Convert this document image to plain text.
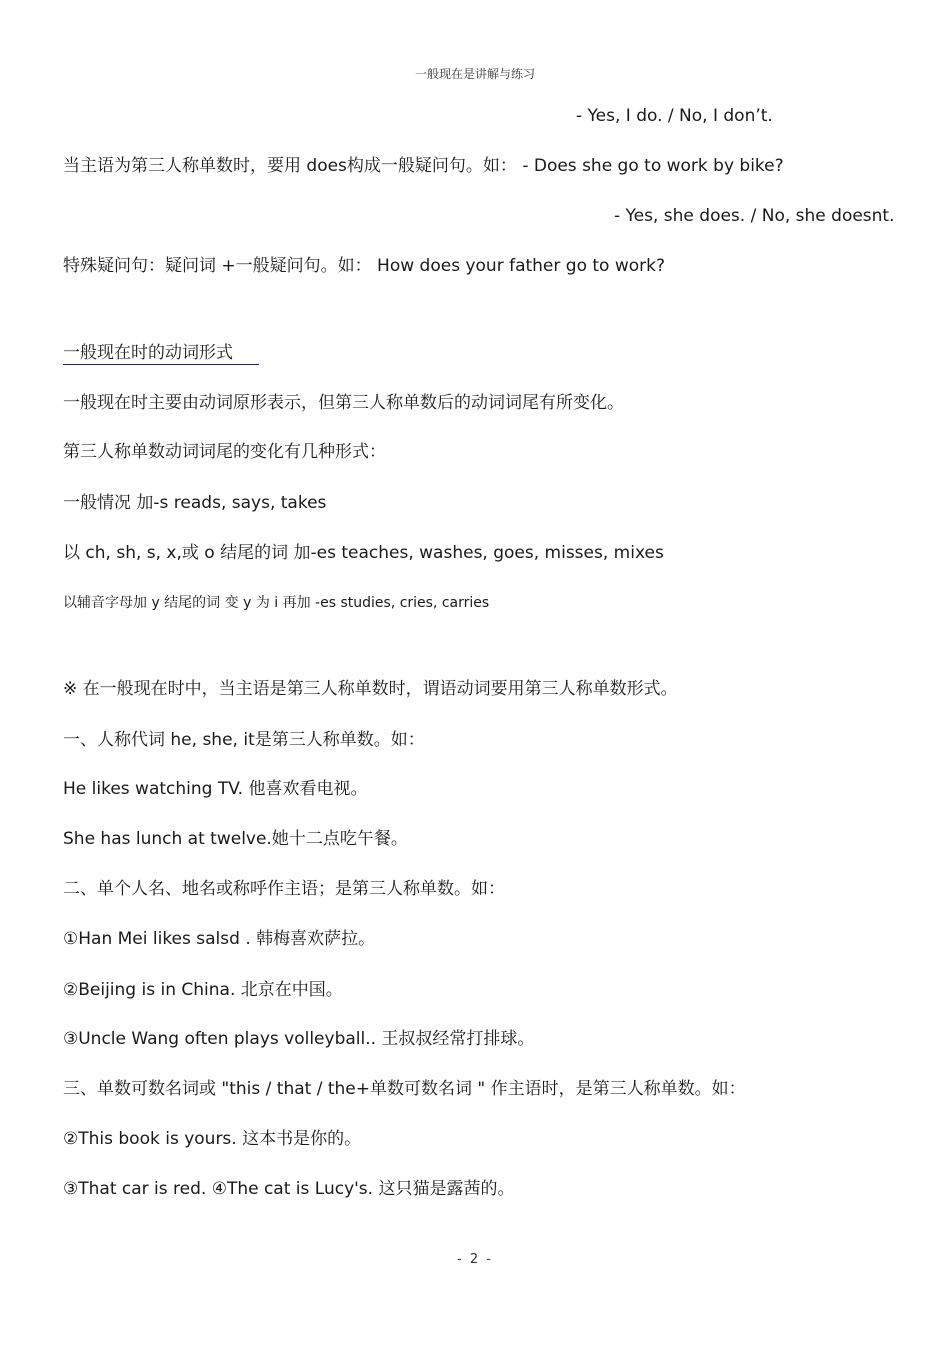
一般现在是讲解与练习
- Yes, I do. / No, I don’t.
当主语为第三人称单数时，要用 does构成一般疑问句。如： - Does she go to work by bike?
- Yes, she does. / No, she doesnt.
特殊疑问句：疑问词 +一般疑问句。如： How does your father go to work?
一般现在时的动词形式
一般现在时主要由动词原形表示，但第三人称单数后的动词词尾有所变化。
第三人称单数动词词尾的变化有几种形式：
一般情况 加-s reads, says, takes
以 ch, sh, s, x,或 o 结尾的词 加-es teaches, washes, goes, misses, mixes
以辅音字母加 y 结尾的词 变 y 为 i 再加 -es studies, cries, carries
※ 在一般现在时中，当主语是第三人称单数时，谓语动词要用第三人称单数形式。
一、人称代词 he, she, it是第三人称单数。如：
He likes watching TV. 他喜欢看电视。
She has lunch at twelve.她十二点吃午餐。
二、单个人名、地名或称呼作主语；是第三人称单数。如：
①Han Mei likes salsd . 韩梅喜欢萨拉。
②Beijing is in China. 北京在中国。
③Uncle Wang often plays volleyball.. 王叔叔经常打排球。
三、单数可数名词或 "this / that / the+单数可数名词 " 作主语时，是第三人称单数。如：
②This book is yours. 这本书是你的。
③That car is red. ④The cat is Lucy's. 这只猫是露茜的。
- 2 -
